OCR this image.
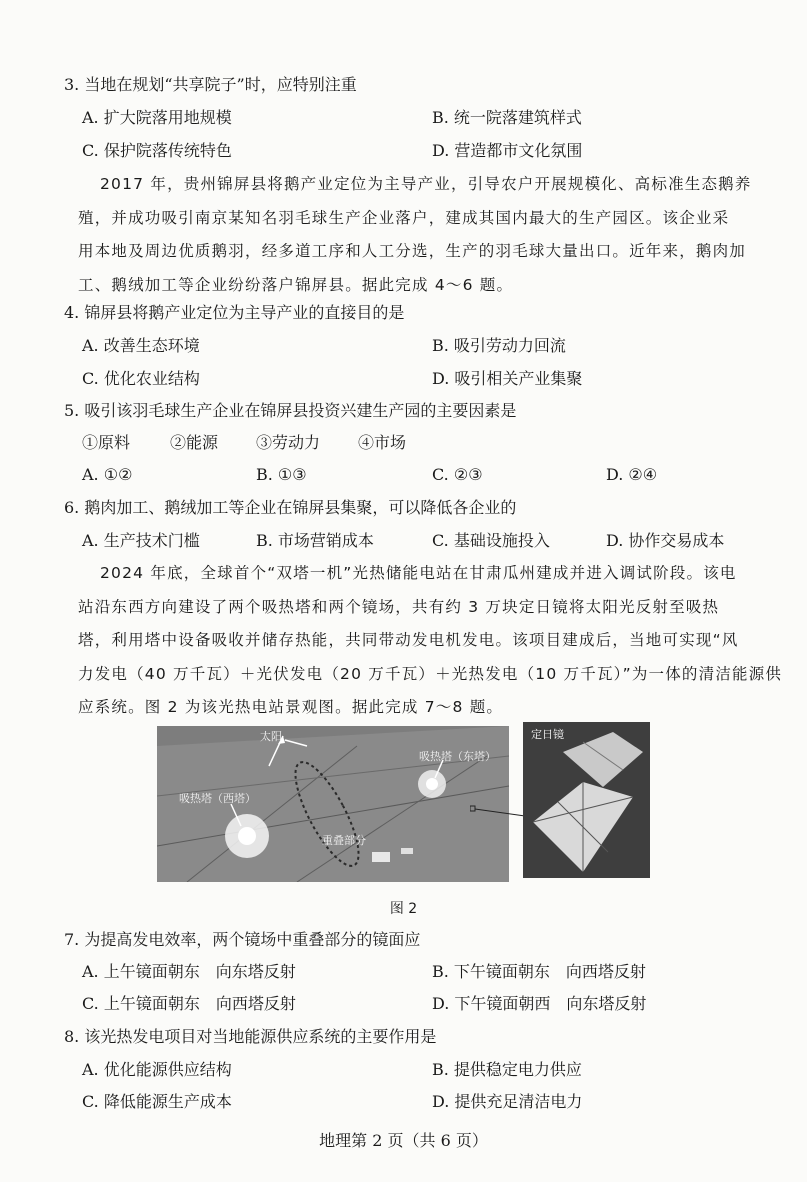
3. 当地在规划“共享院子”时，应特别注重
A. 扩大院落用地规模	B. 统一院落建筑样式
C. 保护院落传统特色	D. 营造都市文化氛围
2017 年，贵州锦屏县将鹅产业定位为主导产业，引导农户开展规模化、高标准生态鹅养
殖，并成功吸引南京某知名羽毛球生产企业落户，建成其国内最大的生产园区。该企业采
用本地及周边优质鹅羽，经多道工序和人工分选，生产的羽毛球大量出口。近年来，鹅肉加
工、鹅绒加工等企业纷纷落户锦屏县。据此完成 4～6 题。
4. 锦屏县将鹅产业定位为主导产业的直接目的是
A. 改善生态环境	B. 吸引劳动力回流
C. 优化农业结构	D. 吸引相关产业集聚
5. 吸引该羽毛球生产企业在锦屏县投资兴建生产园的主要因素是
①原料 ②能源 ③劳动力 ④市场
A. ①②	B. ①③	C. ②③	D. ②④
6. 鹅肉加工、鹅绒加工等企业在锦屏县集聚，可以降低各企业的
A. 生产技术门槛	B. 市场营销成本	C. 基础设施投入	D. 协作交易成本
2024 年底，全球首个“双塔一机”光热储能电站在甘肃瓜州建成并进入调试阶段。该电
站沿东西方向建设了两个吸热塔和两个镜场，共有约 3 万块定日镜将太阳光反射至吸热
塔，利用塔中设备吸收并储存热能，共同带动发电机发电。该项目建成后，当地可实现“风
力发电（40 万千瓦）＋光伏发电（20 万千瓦）＋光热发电（10 万千瓦）”为一体的清洁能源供
应系统。图 2 为该光热电站景观图。据此完成 7～8 题。
太阳
吸热塔（东塔）
吸热塔（西塔）
重叠部分
定日镜
图 2
7. 为提高发电效率，两个镜场中重叠部分的镜面应
A. 上午镜面朝东　向东塔反射	B. 下午镜面朝东　向西塔反射
C. 上午镜面朝东　向西塔反射	D. 下午镜面朝西　向东塔反射
8. 该光热发电项目对当地能源供应系统的主要作用是
A. 优化能源供应结构	B. 提供稳定电力供应
C. 降低能源生产成本	D. 提供充足清洁电力
地理第 2 页（共 6 页）
